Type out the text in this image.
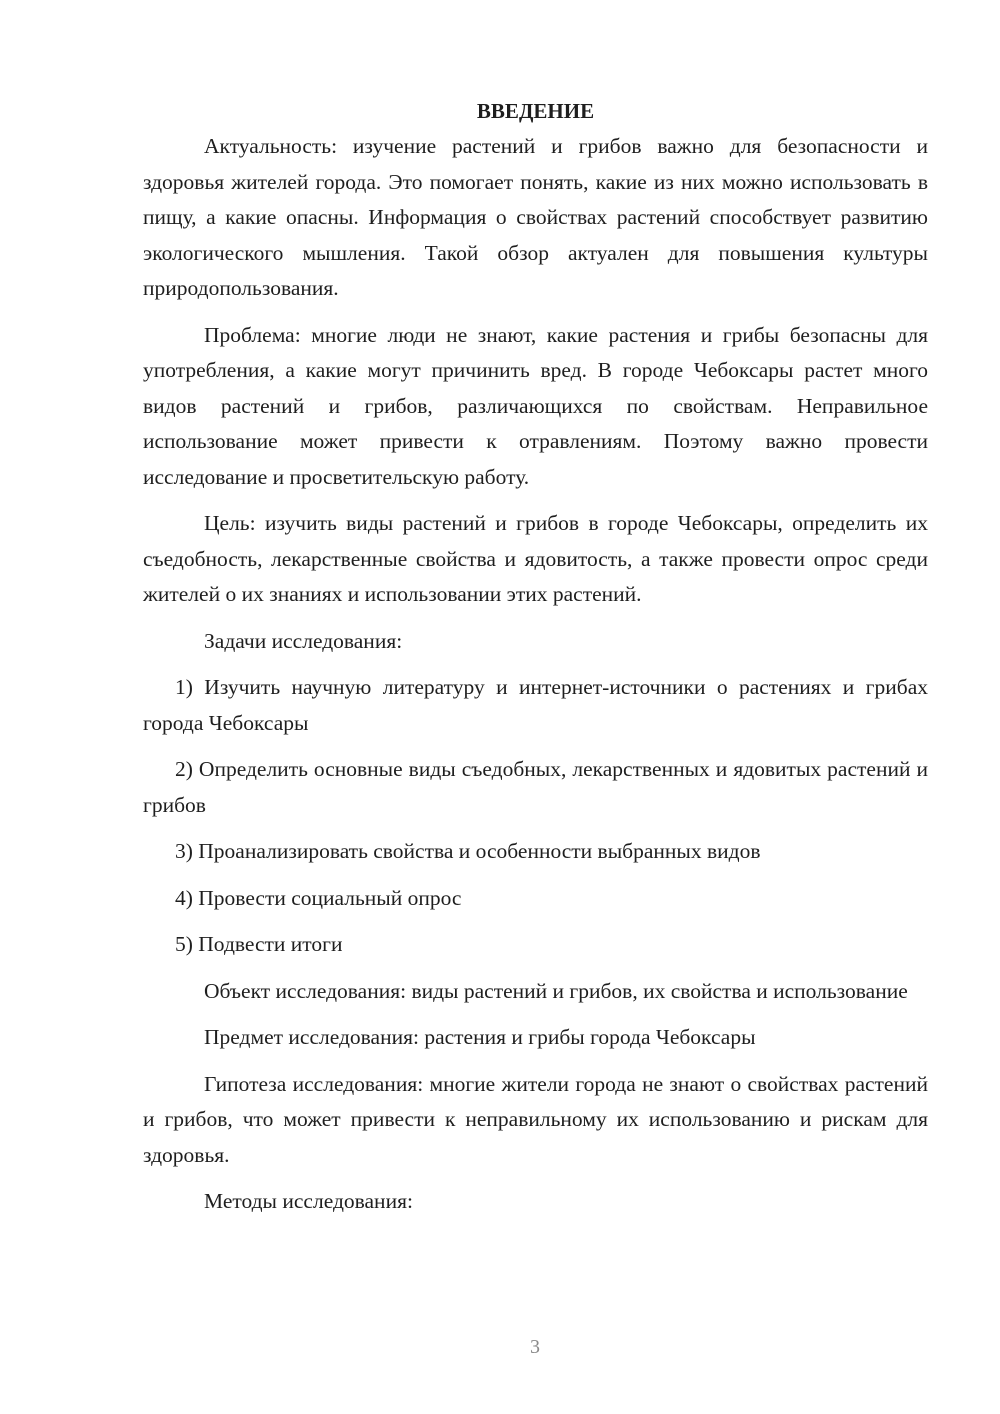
ВВЕДЕНИЕ

Актуальность: изучение растений и грибов важно для безопасности и здоровья жителей города. Это помогает понять, какие из них можно использовать в пищу, а какие опасны. Информация о свойствах растений способствует развитию экологического мышления. Такой обзор актуален для повышения культуры природопользования.

Проблема: многие люди не знают, какие растения и грибы безопасны для употребления, а какие могут причинить вред. В городе Чебоксары растет много видов растений и грибов, различающихся по свойствам. Неправильное использование может привести к отравлениям. Поэтому важно провести исследование и просветительскую работу.

Цель: изучить виды растений и грибов в городе Чебоксары, определить их съедобность, лекарственные свойства и ядовитость, а также провести опрос среди жителей о их знаниях и использовании этих растений.

Задачи исследования:

1) Изучить научную литературу и интернет-источники о растениях и грибах города Чебоксары

2) Определить основные виды съедобных, лекарственных и ядовитых растений и грибов

3) Проанализировать свойства и особенности выбранных видов

4) Провести социальный опрос

5) Подвести итоги

Объект исследования: виды растений и грибов, их свойства и использование

Предмет исследования: растения и грибы города Чебоксары

Гипотеза исследования: многие жители города не знают о свойствах растений и грибов, что может привести к неправильному их использованию и рискам для здоровья.

Методы исследования:

3
